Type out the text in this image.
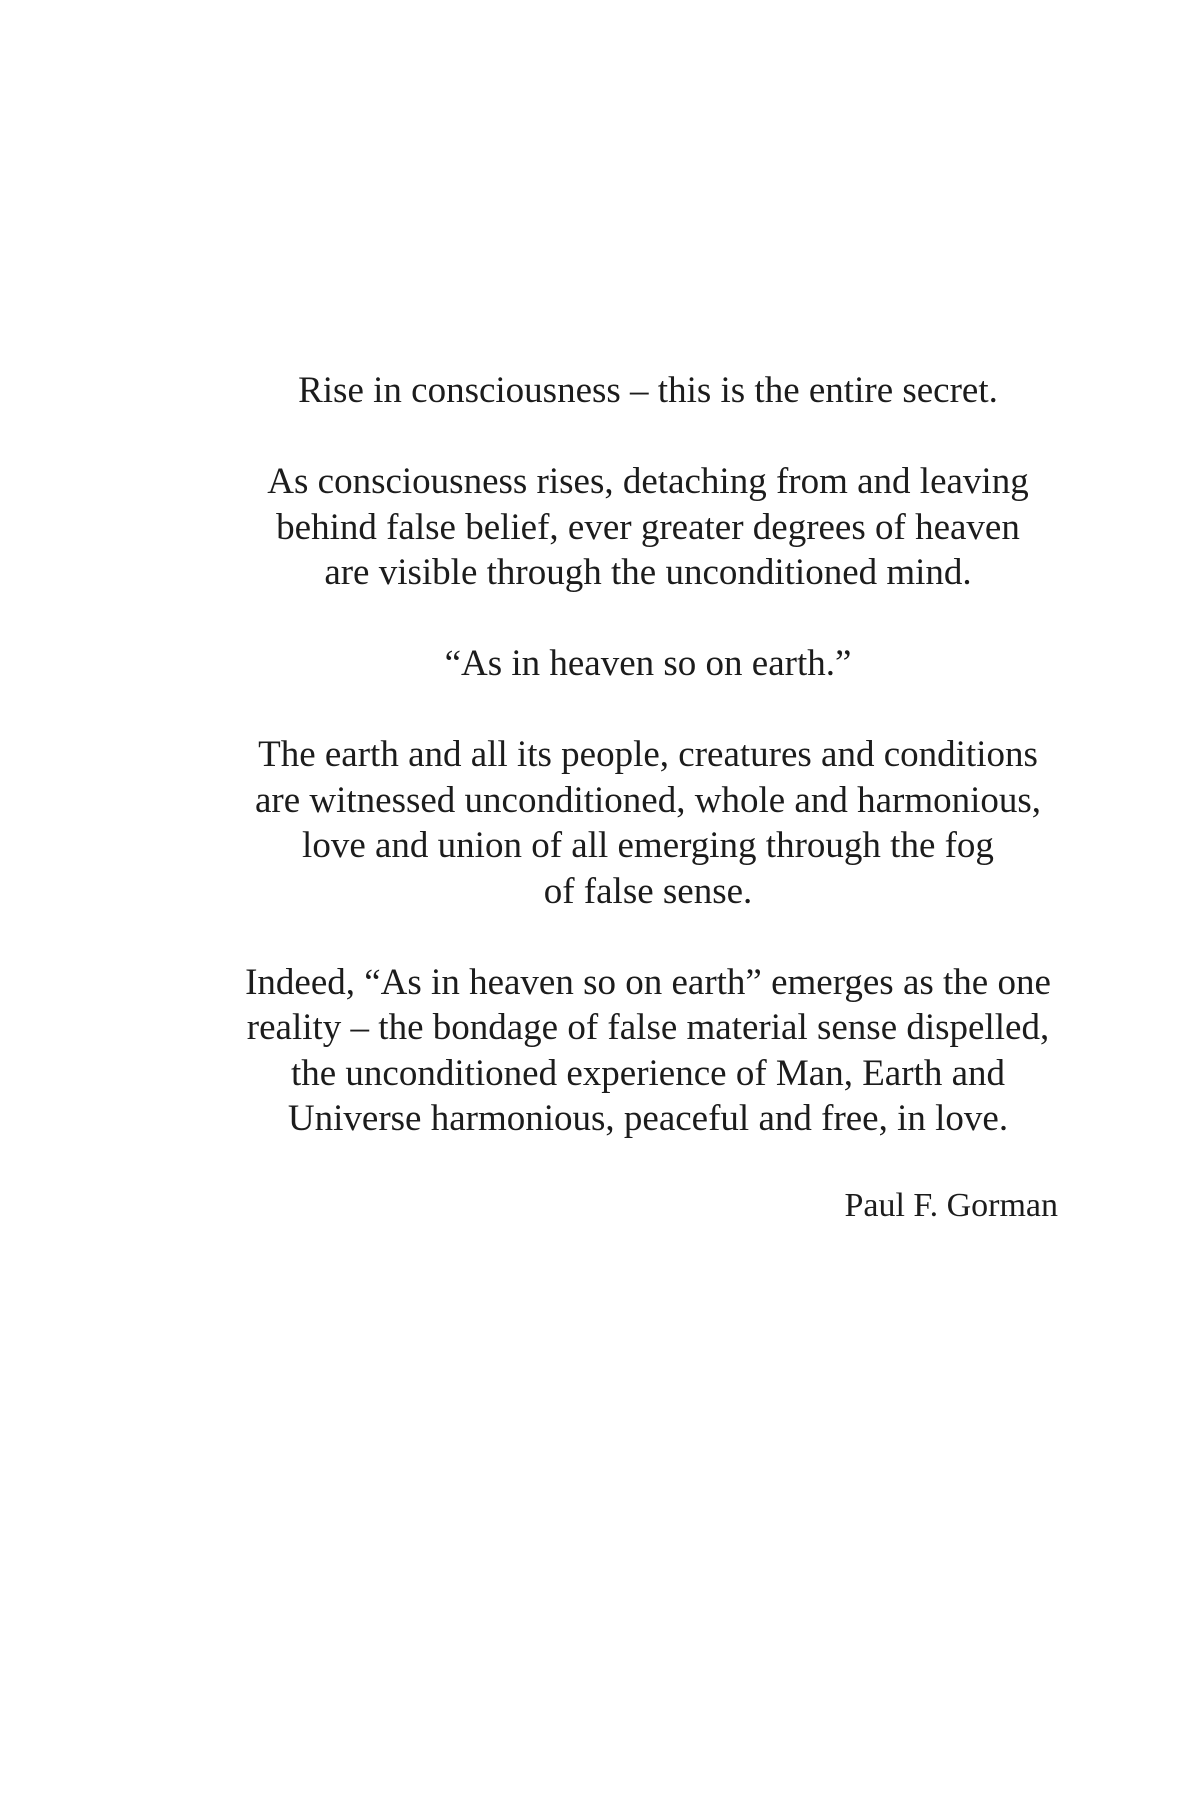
Rise in consciousness – this is the entire secret.
As consciousness rises, detaching from and leaving
behind false belief, ever greater degrees of heaven
are visible through the unconditioned mind.
“As in heaven so on earth.”
The earth and all its people, creatures and conditions
are witnessed unconditioned, whole and harmonious,
love and union of all emerging through the fog
of false sense.
Indeed, “As in heaven so on earth” emerges as the one
reality – the bondage of false material sense dispelled,
the unconditioned experience of Man, Earth and
Universe harmonious, peaceful and free, in love.
Paul F. Gorman
